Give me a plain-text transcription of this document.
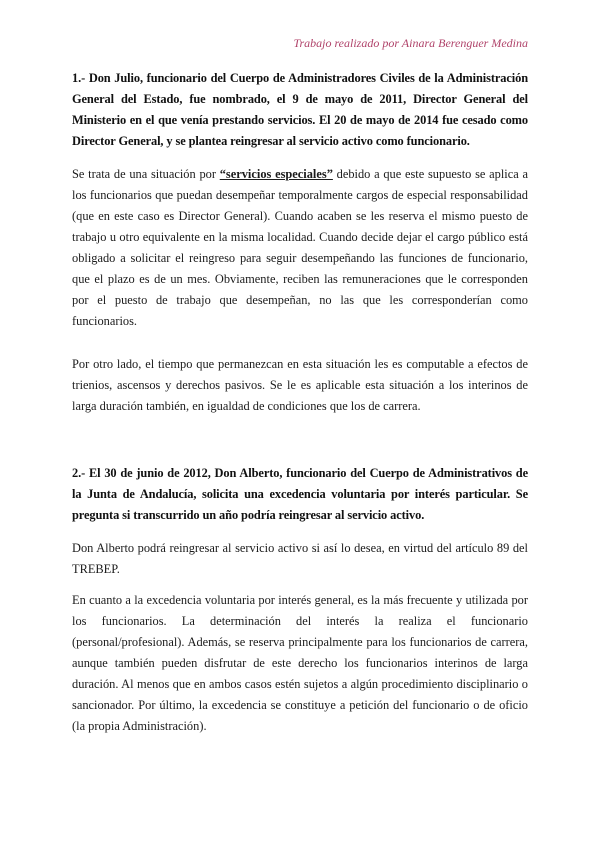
Trabajo realizado por Ainara Berenguer Medina

1.- Don Julio, funcionario del Cuerpo de Administradores Civiles de la Administración General del Estado, fue nombrado, el 9 de mayo de 2011, Director General del Ministerio en el que venía prestando servicios. El 20 de mayo de 2014 fue cesado como Director General, y se plantea reingresar al servicio activo como funcionario.

Se trata de una situación por “servicios especiales” debido a que este supuesto se aplica a los funcionarios que puedan desempeñar temporalmente cargos de especial responsabilidad (que en este caso es Director General). Cuando acaben se les reserva el mismo puesto de trabajo u otro equivalente en la misma localidad. Cuando decide dejar el cargo público está obligado a solicitar el reingreso para seguir desempeñando las funciones de funcionario, que el plazo es de un mes. Obviamente, reciben las remuneraciones que le corresponden por el puesto de trabajo que desempeñan, no las que les corresponderían como funcionarios.

Por otro lado, el tiempo que permanezcan en esta situación les es computable a efectos de trienios, ascensos y derechos pasivos. Se le es aplicable esta situación a los interinos de larga duración también, en igualdad de condiciones que los de carrera.

2.- El 30 de junio de 2012, Don Alberto, funcionario del Cuerpo de Administrativos de la Junta de Andalucía, solicita una excedencia voluntaria por interés particular. Se pregunta si transcurrido un año podría reingresar al servicio activo.

Don Alberto podrá reingresar al servicio activo si así lo desea, en virtud del artículo 89 del TREBEP.

En cuanto a la excedencia voluntaria por interés general, es la más frecuente y utilizada por los funcionarios. La determinación del interés la realiza el funcionario (personal/profesional). Además, se reserva principalmente para los funcionarios de carrera, aunque también pueden disfrutar de este derecho los funcionarios interinos de larga duración. Al menos que en ambos casos estén sujetos a algún procedimiento disciplinario o sancionador. Por último, la excedencia se constituye a petición del funcionario o de oficio (la propia Administración).
